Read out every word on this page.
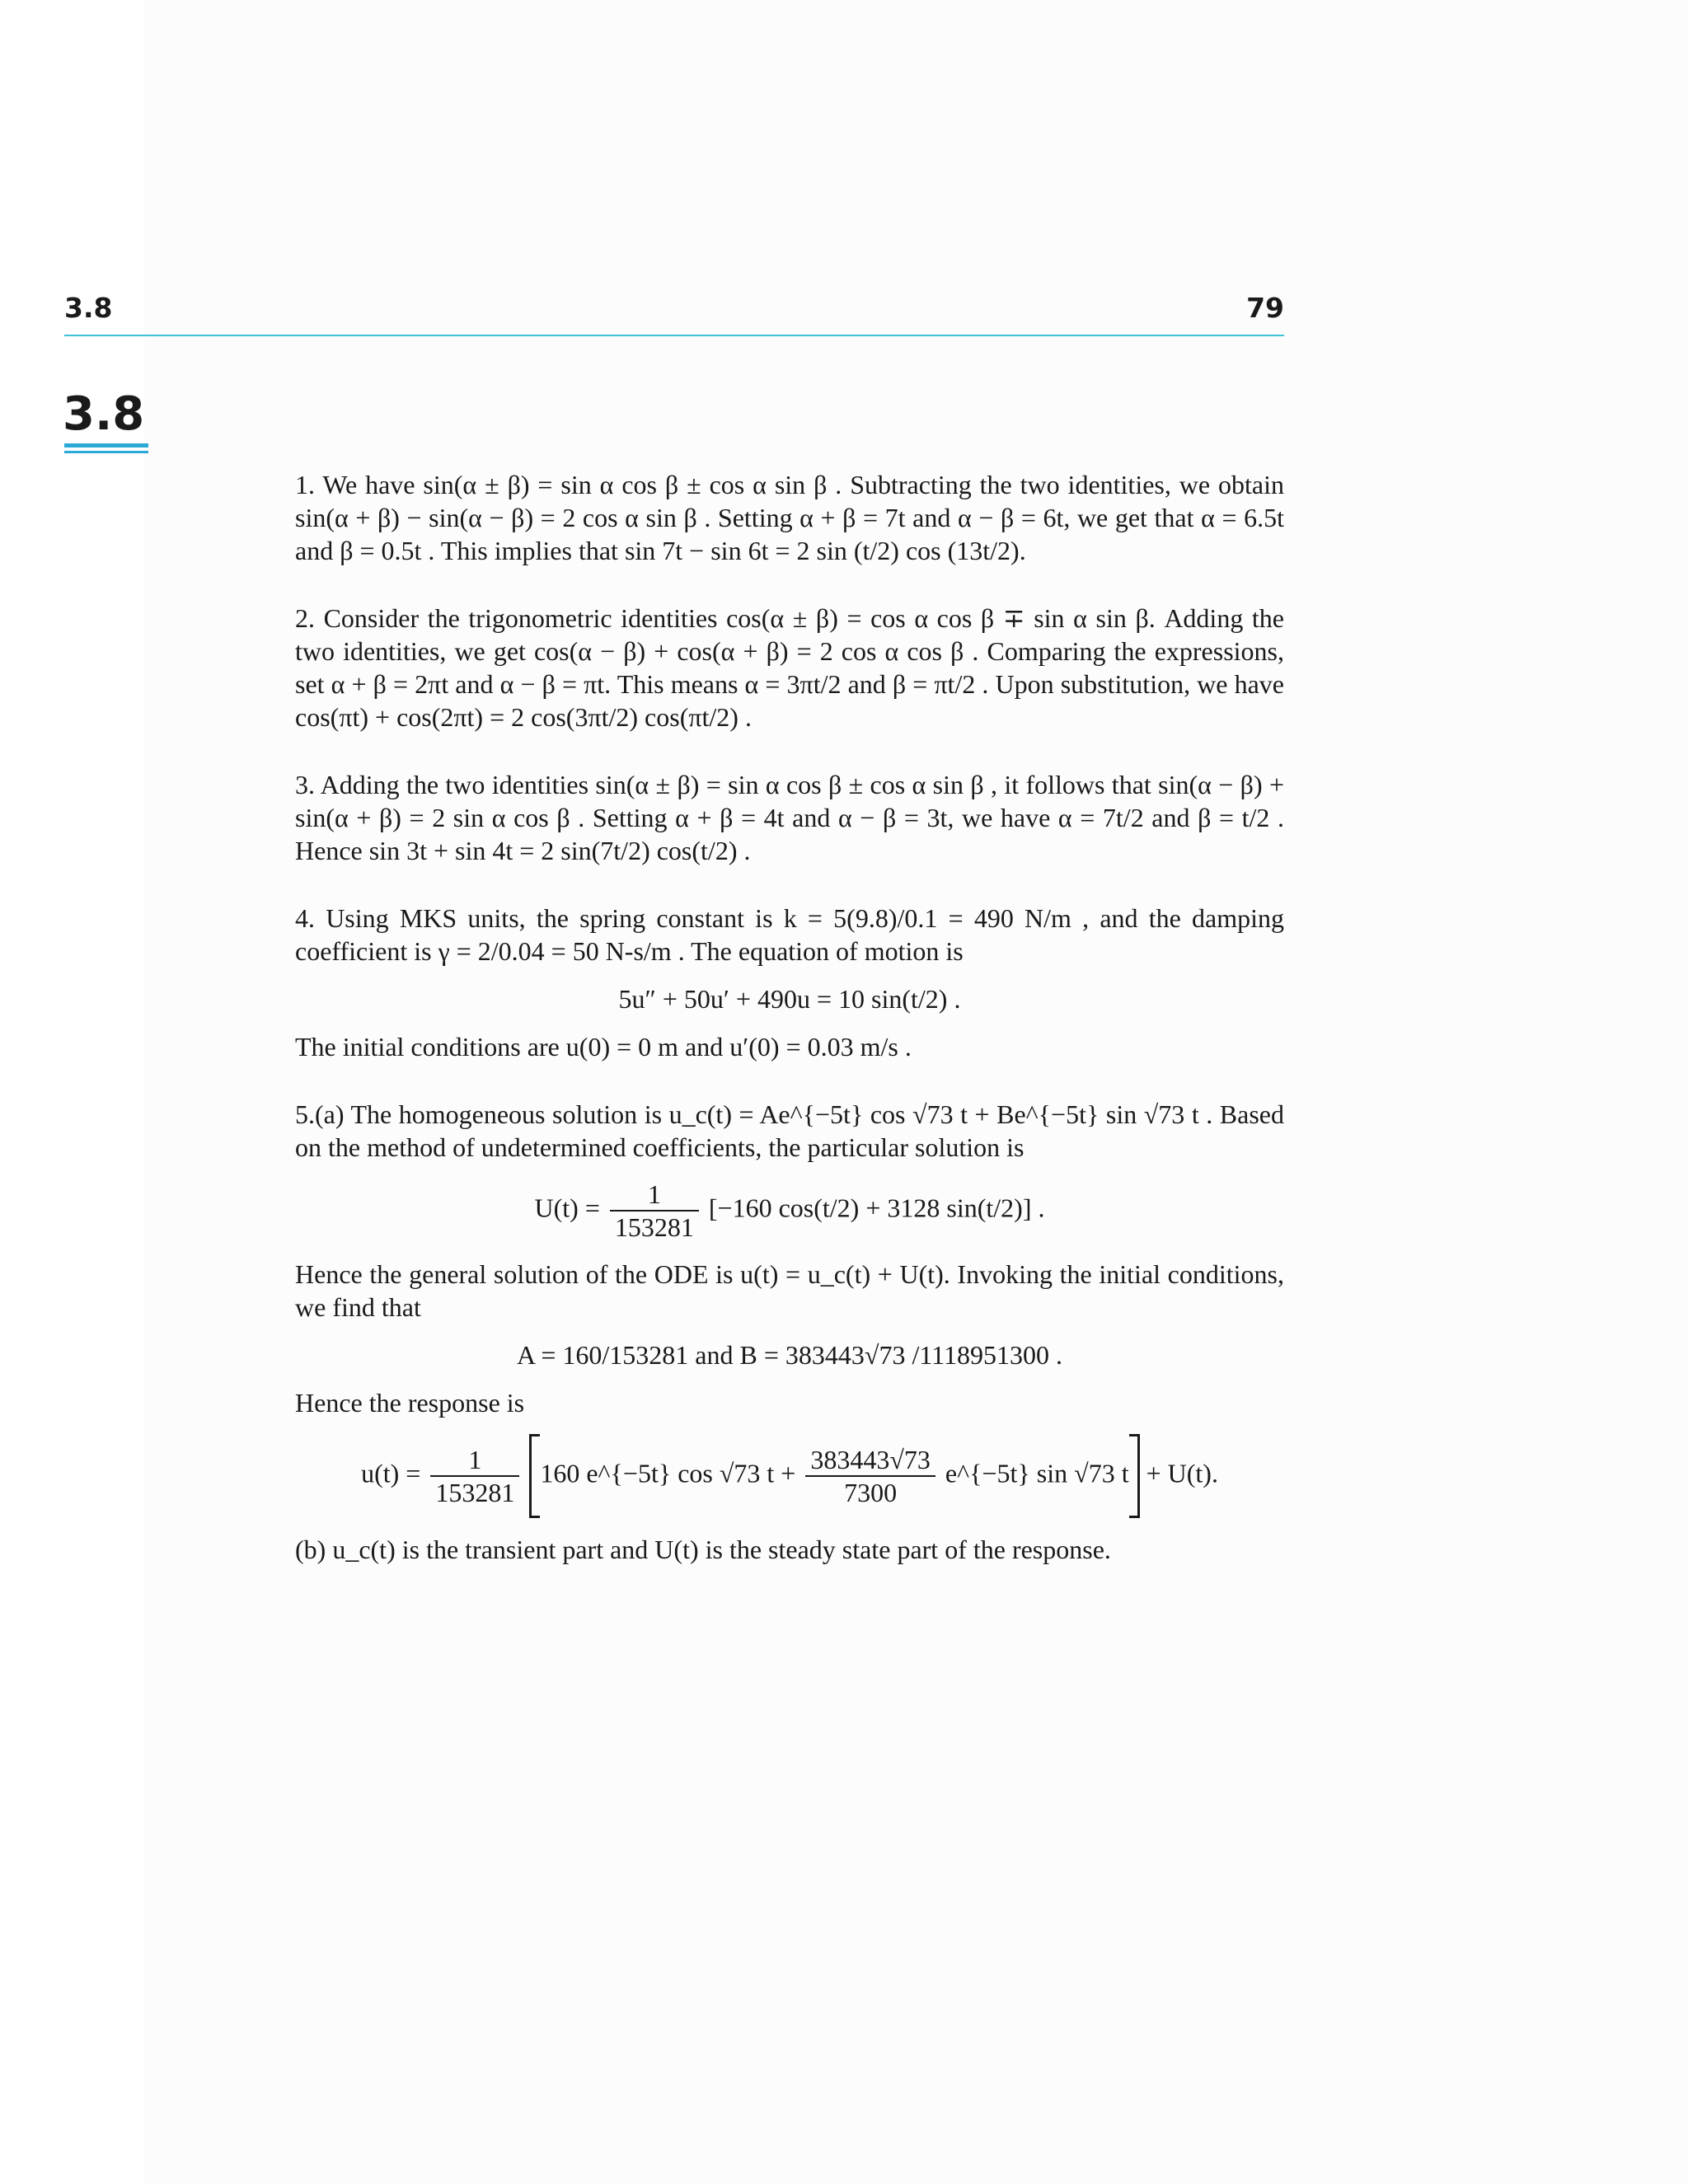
3.8	79
3.8

1. We have sin(α ± β) = sin α cos β ± cos α sin β . Subtracting the two identities, we obtain sin(α + β) − sin(α − β) = 2 cos α sin β . Setting α + β = 7t and α − β = 6t, we get that α = 6.5t and β = 0.5t . This implies that sin 7t − sin 6t = 2 sin (t/2) cos (13t/2).

2. Consider the trigonometric identities cos(α ± β) = cos α cos β ∓ sin α sin β. Adding the two identities, we get cos(α − β) + cos(α + β) = 2 cos α cos β . Comparing the expressions, set α + β = 2πt and α − β = πt. This means α = 3πt/2 and β = πt/2 . Upon substitution, we have cos(πt) + cos(2πt) = 2 cos(3πt/2) cos(πt/2) .

3. Adding the two identities sin(α ± β) = sin α cos β ± cos α sin β , it follows that sin(α − β) + sin(α + β) = 2 sin α cos β . Setting α + β = 4t and α − β = 3t, we have α = 7t/2 and β = t/2 . Hence sin 3t + sin 4t = 2 sin(7t/2) cos(t/2) .

4. Using MKS units, the spring constant is k = 5(9.8)/0.1 = 490 N/m , and the damping coefficient is γ = 2/0.04 = 50 N-s/m . The equation of motion is

5u″ + 50u′ + 490u = 10 sin(t/2) .

The initial conditions are u(0) = 0 m and u′(0) = 0.03 m/s .

5.(a) The homogeneous solution is u_c(t) = Ae^{−5t} cos √73 t + Be^{−5t} sin √73 t . Based on the method of undetermined coefficients, the particular solution is

$U(t) = \frac{1}{153281} [-160$ cos(t/2) + 3128 sin(t/2)] .

Hence the general solution of the ODE is u(t) = u_c(t) + U(t). Invoking the initial conditions, we find that

A = 160/153281 and B = 383443√73 /1118951300 .

Hence the response is

$u(t) = \frac{1}{153281}$
160 e^{−5t} cos √73 $t + \frac{383443√73}{7300}$ e^{−5t} sin √73 t + U(t).

(b) u_c(t) is the transient part and U(t) is the steady state part of the response.
